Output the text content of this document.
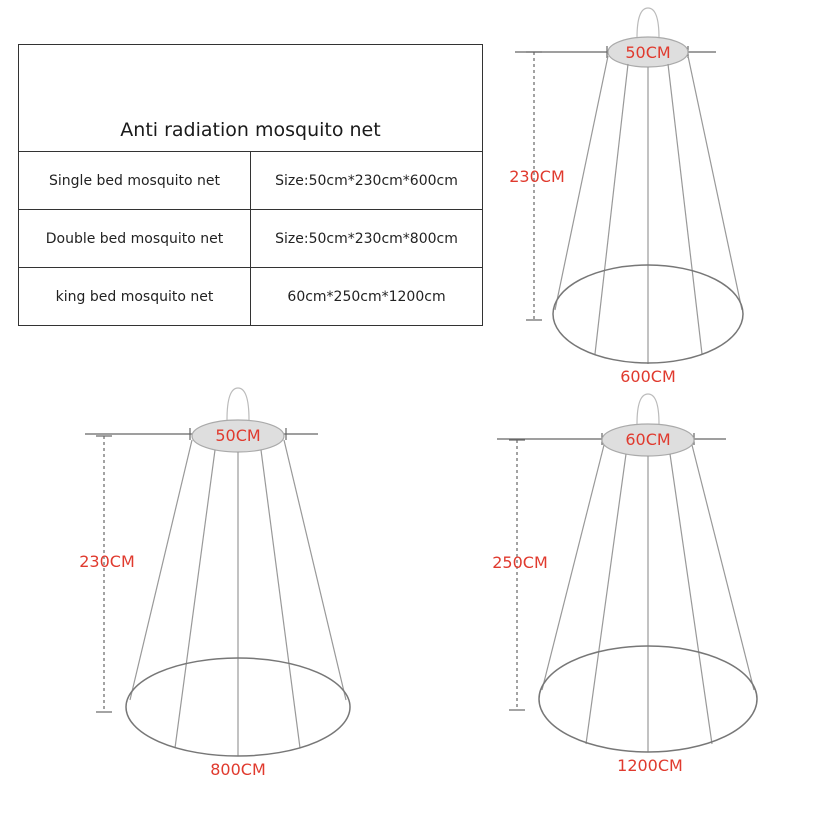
Anti radiation mosquito net	
Single bed mosquito net	Size:50cm*230cm*600cm
Double bed mosquito net	Size:50cm*230cm*800cm
king bed mosquito net	60cm*250cm*1200cm
50CM
230CM
600CM
50CM
230CM
800CM
60CM
250CM
1200CM
